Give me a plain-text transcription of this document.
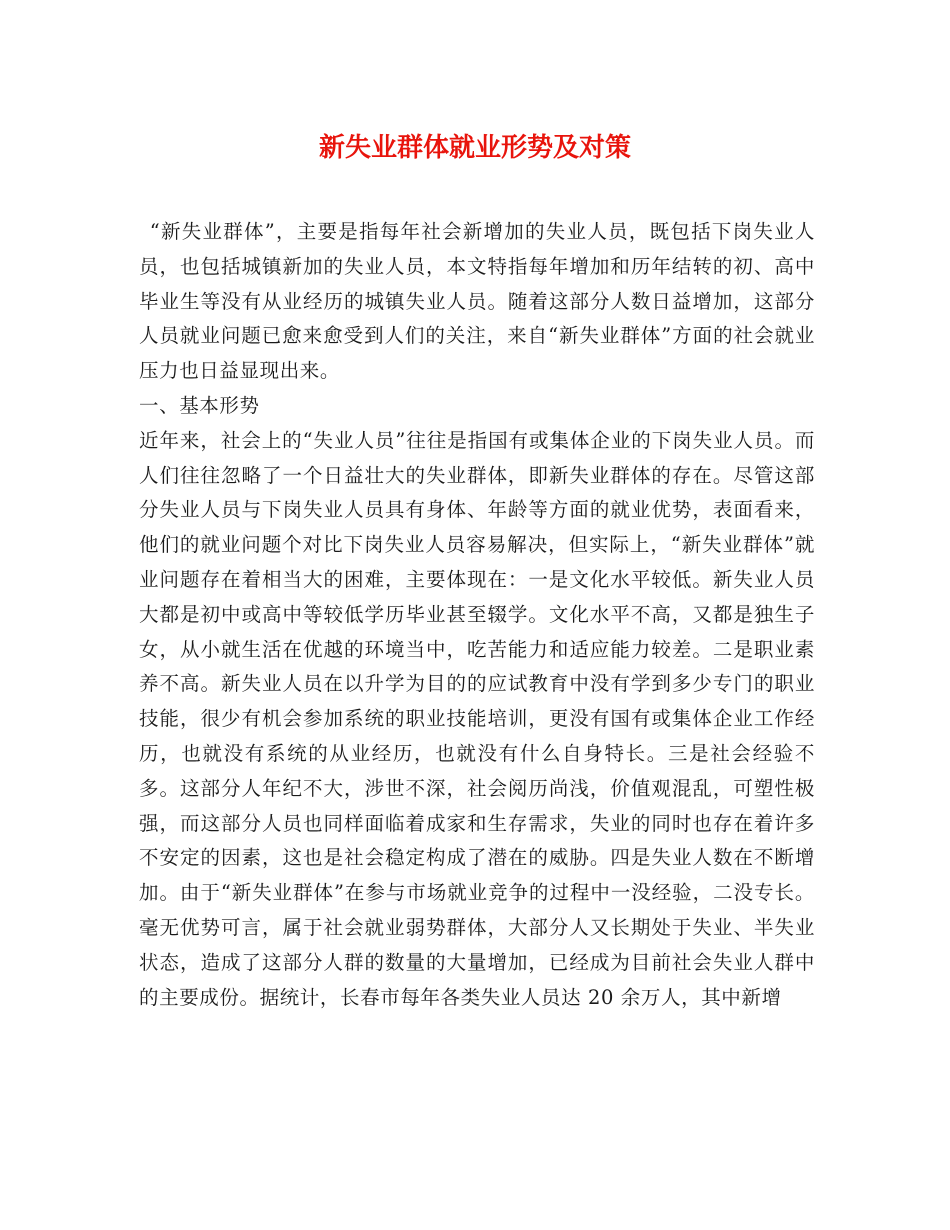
新失业群体就业形势及对策

“新失业群体”，主要是指每年社会新增加的失业人员，既包括下岗失业人员，也包括城镇新加的失业人员，本文特指每年增加和历年结转的初、高中毕业生等没有从业经历的城镇失业人员。随着这部分人数日益增加，这部分人员就业问题已愈来愈受到人们的关注，来自“新失业群体”方面的社会就业压力也日益显现出来。

一、基本形势

近年来，社会上的“失业人员”往往是指国有或集体企业的下岗失业人员。而人们往往忽略了一个日益壮大的失业群体，即新失业群体的存在。尽管这部分失业人员与下岗失业人员具有身体、年龄等方面的就业优势，表面看来，他们的就业问题个对比下岗失业人员容易解决，但实际上，“新失业群体”就业问题存在着相当大的困难，主要体现在：一是文化水平较低。新失业人员大都是初中或高中等较低学历毕业甚至辍学。文化水平不高，又都是独生子女，从小就生活在优越的环境当中，吃苦能力和适应能力较差。二是职业素养不高。新失业人员在以升学为目的的应试教育中没有学到多少专门的职业技能，很少有机会参加系统的职业技能培训，更没有国有或集体企业工作经历，也就没有系统的从业经历，也就没有什么自身特长。三是社会经验不多。这部分人年纪不大，涉世不深，社会阅历尚浅，价值观混乱，可塑性极强，而这部分人员也同样面临着成家和生存需求，失业的同时也存在着许多不安定的因素，这也是社会稳定构成了潜在的威胁。四是失业人数在不断增加。由于“新失业群体”在参与市场就业竞争的过程中一没经验，二没专长。毫无优势可言，属于社会就业弱势群体，大部分人又长期处于失业、半失业状态，造成了这部分人群的数量的大量增加，已经成为目前社会失业人群中的主要成份。据统计，长春市每年各类失业人员达 20 余万人，其中新增
